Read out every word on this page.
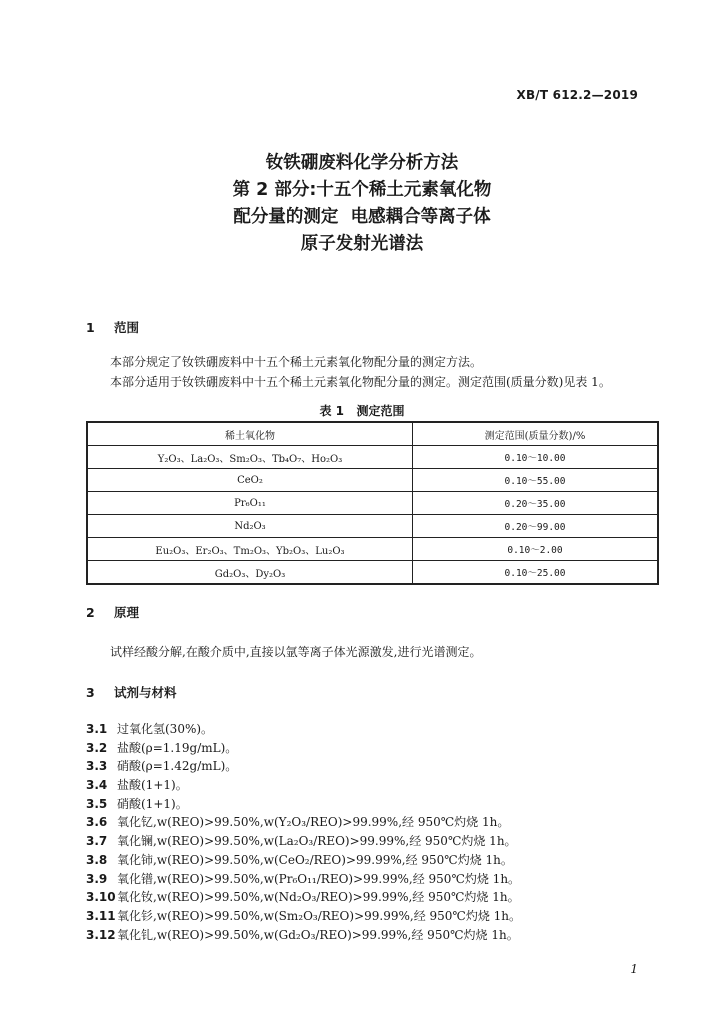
XB/T 612.2—2019
钕铁硼废料化学分析方法
第 2 部分:十五个稀土元素氧化物
配分量的测定  电感耦合等离子体
原子发射光谱法
1 范围
本部分规定了钕铁硼废料中十五个稀土元素氧化物配分量的测定方法。
本部分适用于钕铁硼废料中十五个稀土元素氧化物配分量的测定。测定范围(质量分数)见表 1。
表 1   测定范围
稀土氧化物	测定范围(质量分数)/%
Y₂O₃、La₂O₃、Sm₂O₃、Tb₄O₇、Ho₂O₃	0.10～10.00
CeO₂	0.10～55.00
Pr₆O₁₁	0.20～35.00
Nd₂O₃	0.20～99.00
Eu₂O₃、Er₂O₃、Tm₂O₃、Yb₂O₃、Lu₂O₃	0.10～2.00
Gd₂O₃、Dy₂O₃	0.10～25.00
2 原理
试样经酸分解,在酸介质中,直接以氩等离子体光源激发,进行光谱测定。
3 试剂与材料
3.1 过氧化氢(30%)。
3.2 盐酸(ρ=1.19g/mL)。
3.3 硝酸(ρ=1.42g/mL)。
3.4 盐酸(1+1)。
3.5 硝酸(1+1)。
3.6 氧化钇,w(REO)>99.50%,w(Y₂O₃/REO)>99.99%,经 950℃灼烧 1h。
3.7 氧化镧,w(REO)>99.50%,w(La₂O₃/REO)>99.99%,经 950℃灼烧 1h。
3.8 氧化铈,w(REO)>99.50%,w(CeO₂/REO)>99.99%,经 950℃灼烧 1h。
3.9 氧化镨,w(REO)>99.50%,w(Pr₆O₁₁/REO)>99.99%,经 950℃灼烧 1h。
3.10氧化钕,w(REO)>99.50%,w(Nd₂O₃/REO)>99.99%,经 950℃灼烧 1h。
3.11氧化钐,w(REO)>99.50%,w(Sm₂O₃/REO)>99.99%,经 950℃灼烧 1h。
3.12氧化钆,w(REO)>99.50%,w(Gd₂O₃/REO)>99.99%,经 950℃灼烧 1h。
1
